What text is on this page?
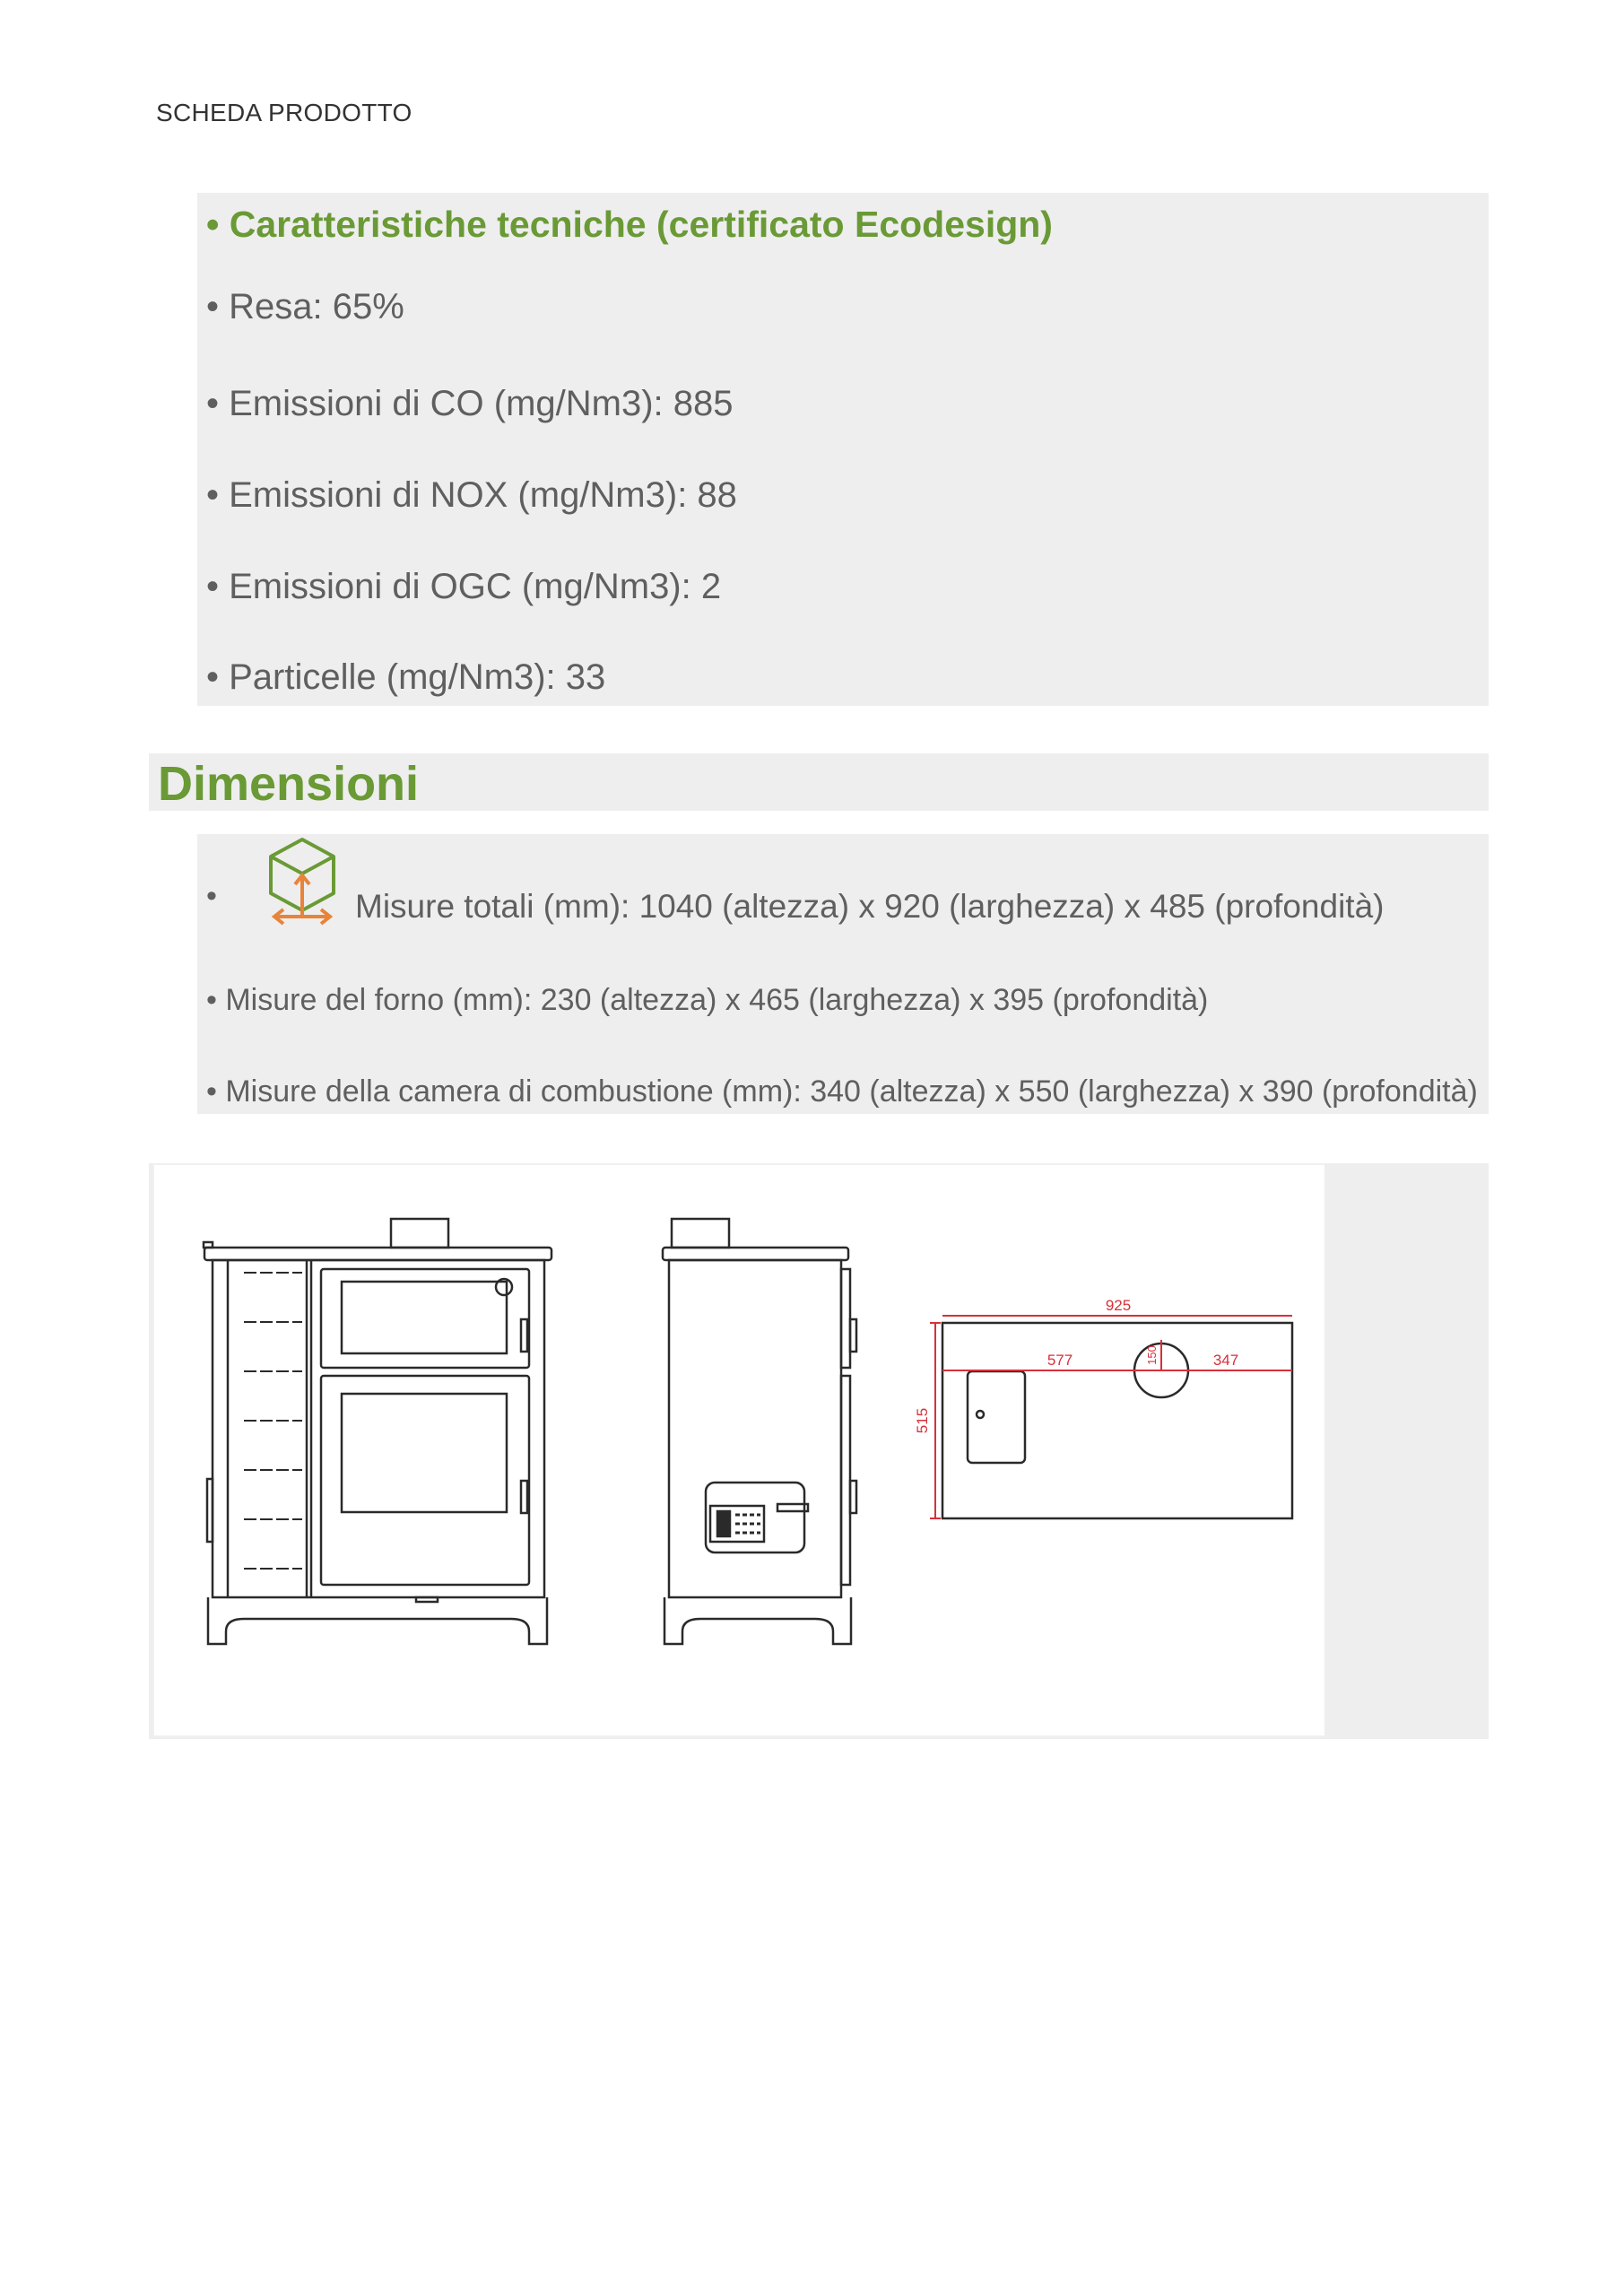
SCHEDA PRODOTTO
• Caratteristiche tecniche (certificato Ecodesign)
• Resa: 65%
• Emissioni di CO (mg/Nm3): 885
• Emissioni di NOX (mg/Nm3): 88
• Emissioni di OGC (mg/Nm3): 2
• Particelle (mg/Nm3): 33
Dimensioni
•	Misure totali (mm): 1040 (altezza) x 920 (larghezza) x 485 (profondità)
• Misure del forno (mm): 230 (altezza) x 465 (larghezza) x 395 (profondità)
• Misure della camera di combustione (mm): 340 (altezza) x 550 (larghezza) x 390 (profondità)
925
577	347
150
515
